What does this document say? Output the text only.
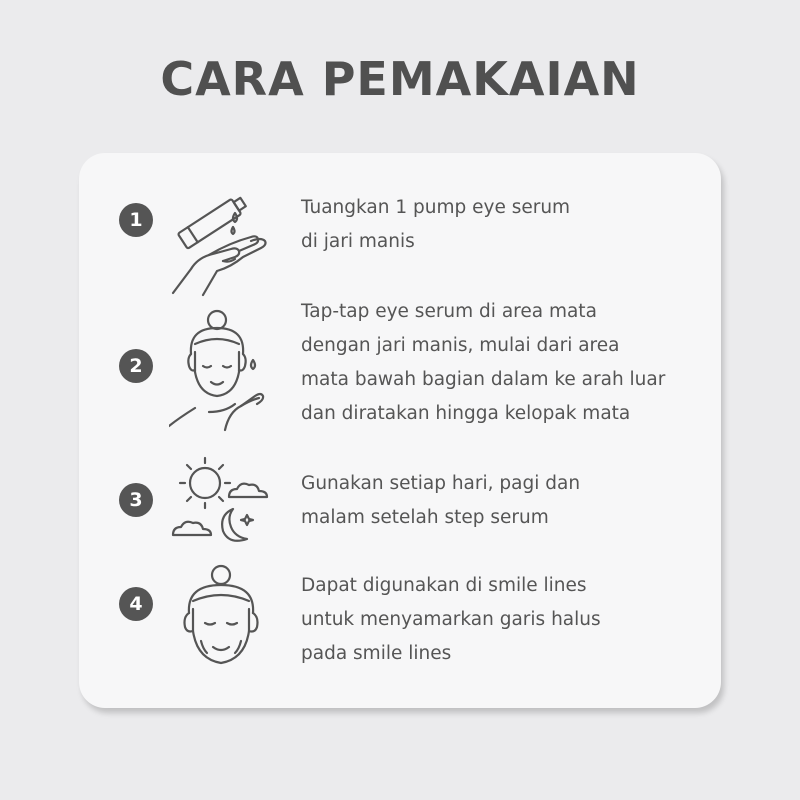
CARA PEMAKAIAN
1
Tuangkan 1 pump eye serum
di jari manis
2
Tap-tap eye serum di area mata
dengan jari manis, mulai dari area
mata bawah bagian dalam ke arah luar
dan diratakan hingga kelopak mata
3
Gunakan setiap hari, pagi dan
malam setelah step serum
4
Dapat digunakan di smile lines
untuk menyamarkan garis halus
pada smile lines
